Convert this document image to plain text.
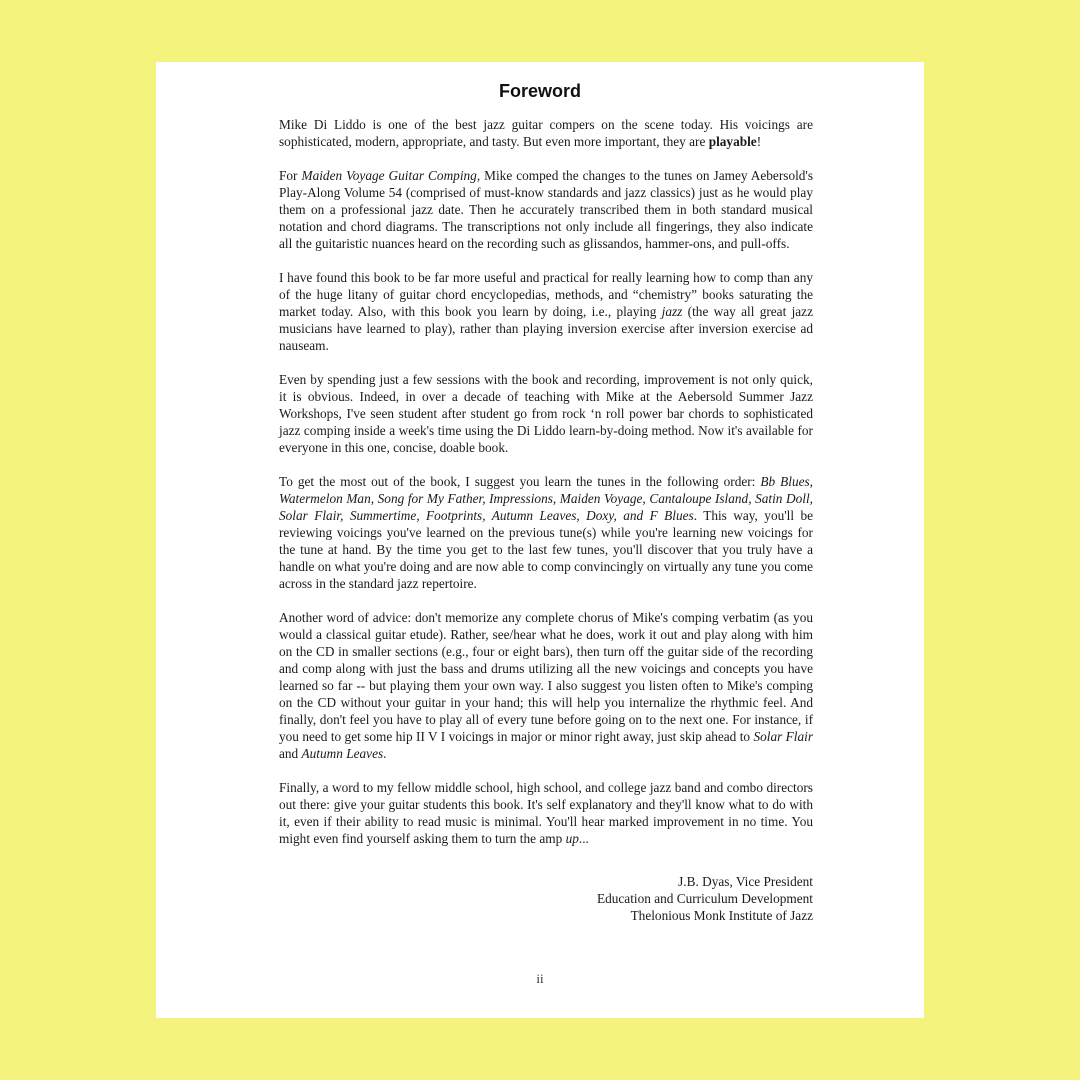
Foreword

Mike Di Liddo is one of the best jazz guitar compers on the scene today. His voicings are sophisticated, modern, appropriate, and tasty. But even more important, they are playable!

For Maiden Voyage Guitar Comping, Mike comped the changes to the tunes on Jamey Aebersold's Play-Along Volume 54 (comprised of must-know standards and jazz classics) just as he would play them on a professional jazz date. Then he accurately transcribed them in both standard musical notation and chord diagrams. The transcriptions not only include all fingerings, they also indicate all the guitaristic nuances heard on the recording such as glissandos, hammer-ons, and pull-offs.

I have found this book to be far more useful and practical for really learning how to comp than any of the huge litany of guitar chord encyclopedias, methods, and “chemistry” books saturating the market today. Also, with this book you learn by doing, i.e., playing jazz (the way all great jazz musicians have learned to play), rather than playing inversion exercise after inversion exercise ad nauseam.

Even by spending just a few sessions with the book and recording, improvement is not only quick, it is obvious. Indeed, in over a decade of teaching with Mike at the Aebersold Summer Jazz Workshops, I've seen student after student go from rock ‘n roll power bar chords to sophisticated jazz comping inside a week's time using the Di Liddo learn-by-doing method. Now it's available for everyone in this one, concise, doable book.

To get the most out of the book, I suggest you learn the tunes in the following order: Bb Blues, Watermelon Man, Song for My Father, Impressions, Maiden Voyage, Cantaloupe Island, Satin Doll, Solar Flair, Summertime, Footprints, Autumn Leaves, Doxy, and F Blues. This way, you'll be reviewing voicings you've learned on the previous tune(s) while you're learning new voicings for the tune at hand. By the time you get to the last few tunes, you'll discover that you truly have a handle on what you're doing and are now able to comp convincingly on virtually any tune you come across in the standard jazz repertoire.

Another word of advice: don't memorize any complete chorus of Mike's comping verbatim (as you would a classical guitar etude). Rather, see/hear what he does, work it out and play along with him on the CD in smaller sections (e.g., four or eight bars), then turn off the guitar side of the recording and comp along with just the bass and drums utilizing all the new voicings and concepts you have learned so far -- but playing them your own way. I also suggest you listen often to Mike's comping on the CD without your guitar in your hand; this will help you internalize the rhythmic feel. And finally, don't feel you have to play all of every tune before going on to the next one. For instance, if you need to get some hip II V I voicings in major or minor right away, just skip ahead to Solar Flair and Autumn Leaves.

Finally, a word to my fellow middle school, high school, and college jazz band and combo directors out there: give your guitar students this book. It's self explanatory and they'll know what to do with it, even if their ability to read music is minimal. You'll hear marked improvement in no time. You might even find yourself asking them to turn the amp up...

J.B. Dyas, Vice President
Education and Curriculum Development
Thelonious Monk Institute of Jazz
ii
